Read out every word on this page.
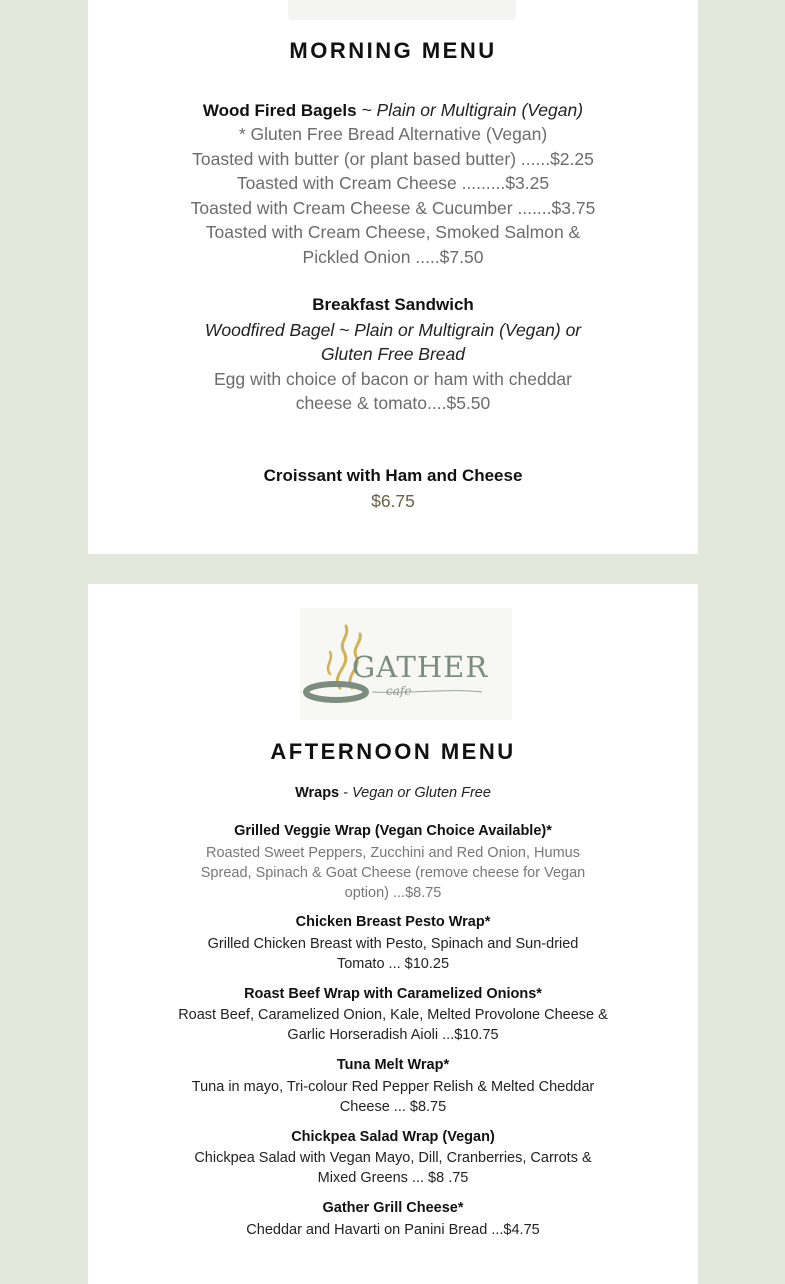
MORNING MENU
Wood Fired Bagels ~ Plain or Multigrain (Vegan)
* Gluten Free Bread Alternative (Vegan)
Toasted with butter (or plant based butter) ......$2.25
Toasted with Cream Cheese .........$3.25
Toasted with Cream Cheese & Cucumber .......$3.75
Toasted with Cream Cheese, Smoked Salmon &
Pickled Onion .....$7.50
Breakfast Sandwich
Woodfired Bagel ~ Plain or Multigrain (Vegan) or
Gluten Free Bread
Egg with choice of bacon or ham with cheddar
cheese & tomato....$5.50
Croissant with Ham and Cheese
$6.75
GATHER
cafe
AFTERNOON MENU
Wraps - Vegan or Gluten Free
Grilled Veggie Wrap (Vegan Choice Available)*
Roasted Sweet Peppers, Zucchini and Red Onion, Humus
Spread, Spinach & Goat Cheese (remove cheese for Vegan
option) ...$8.75
Chicken Breast Pesto Wrap*
Grilled Chicken Breast with Pesto, Spinach and Sun-dried
Tomato ... $10.25
Roast Beef Wrap with Caramelized Onions*
Roast Beef, Caramelized Onion, Kale, Melted Provolone Cheese &
Garlic Horseradish Aioli ...$10.75
Tuna Melt Wrap*
Tuna in mayo, Tri-colour Red Pepper Relish & Melted Cheddar
Cheese ... $8.75
Chickpea Salad Wrap (Vegan)
Chickpea Salad with Vegan Mayo, Dill, Cranberries, Carrots &
Mixed Greens ... $8 .75
Gather Grill Cheese*
Cheddar and Havarti on Panini Bread ...$4.75
